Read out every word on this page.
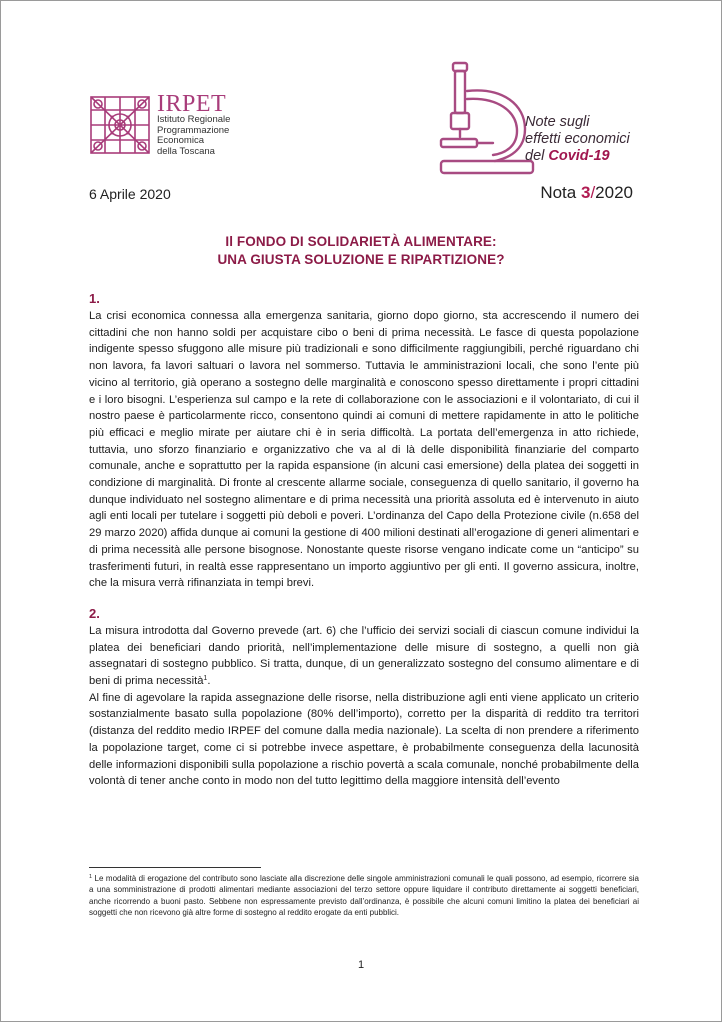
IRPET
Istituto Regionale
Programmazione
Economica
della Toscana
Note sugli
effetti economici
del Covid-19
6 Aprile 2020	Nota 3/2020
Il FONDO DI SOLIDARIETÀ ALIMENTARE:
UNA GIUSTA SOLUZIONE E RIPARTIZIONE?
1.

La crisi economica connessa alla emergenza sanitaria, giorno dopo giorno, sta accrescendo il numero dei cittadini che non hanno soldi per acquistare cibo o beni di prima necessità. Le fasce di questa popolazione indigente spesso sfuggono alle misure più tradizionali e sono difficilmente raggiungibili, perché riguardano chi non lavora, fa lavori saltuari o lavora nel sommerso. Tuttavia le amministrazioni locali, che sono l’ente più vicino al territorio, già operano a sostegno delle marginalità e conoscono spesso direttamente i propri cittadini e i loro bisogni. L’esperienza sul campo e la rete di collaborazione con le associazioni e il volontariato, di cui il nostro paese è particolarmente ricco, consentono quindi ai comuni di mettere rapidamente in atto le politiche più efficaci e meglio mirate per aiutare chi è in seria difficoltà. La portata dell’emergenza in atto richiede, tuttavia, uno sforzo finanziario e organizzativo che va al di là delle disponibilità finanziarie del comparto comunale, anche e soprattutto per la rapida espansione (in alcuni casi emersione) della platea dei soggetti in condizione di marginalità. Di fronte al crescente allarme sociale, conseguenza di quello sanitario, il governo ha dunque individuato nel sostegno alimentare e di prima necessità una priorità assoluta ed è intervenuto in aiuto agli enti locali per tutelare i soggetti più deboli e poveri. L’ordinanza del Capo della Protezione civile (n.658 del 29 marzo 2020) affida dunque ai comuni la gestione di 400 milioni destinati all’erogazione di generi alimentari e di prima necessità alle persone bisognose. Nonostante queste risorse vengano indicate come un “anticipo” su trasferimenti futuri, in realtà esse rappresentano un importo aggiuntivo per gli enti. Il governo assicura, inoltre, che la misura verrà rifinanziata in tempi brevi.

2.

La misura introdotta dal Governo prevede (art. 6) che l’ufficio dei servizi sociali di ciascun comune individui la platea dei beneficiari dando priorità, nell’implementazione delle misure di sostegno, a quelli non già assegnatari di sostegno pubblico. Si tratta, dunque, di un generalizzato sostegno del consumo alimentare e di beni di prima necessità$^1$.

Al fine di agevolare la rapida assegnazione delle risorse, nella distribuzione agli enti viene applicato un criterio sostanzialmente basato sulla popolazione (80% dell’importo), corretto per la disparità di reddito tra territori (distanza del reddito medio IRPEF del comune dalla media nazionale). La scelta di non prendere a riferimento la popolazione target, come ci si potrebbe invece aspettare, è probabilmente conseguenza della lacunosità delle informazioni disponibili sulla popolazione a rischio povertà a scala comunale, nonché probabilmente della volontà di tener anche conto in modo non del tutto legittimo della maggiore intensità dell’evento

$^1$ Le modalità di erogazione del contributo sono lasciate alla discrezione delle singole amministrazioni comunali le quali possono, ad esempio, ricorrere sia a una somministrazione di prodotti alimentari mediante associazioni del terzo settore oppure liquidare il contributo direttamente ai soggetti beneficiari, anche ricorrendo a buoni pasto. Sebbene non espressamente previsto dall’ordinanza, è possibile che alcuni comuni limitino la platea dei beneficiari ai soggetti che non ricevono già altre forme di sostegno al reddito erogate da enti pubblici.
1
